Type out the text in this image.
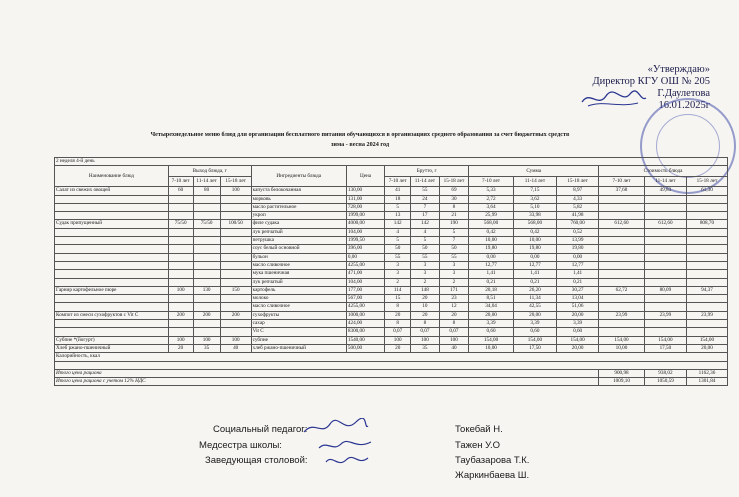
«Утверждаю»
Директор КГУ ОШ № 205
Г.Даулетова
16.01.2025г
Четырехнедельное меню блюд для организации бесплатного питания обучающихся в организациях среднего образования за счет бюджетных средств
зима - весна 2024 год
2 неделя 4-й день														
Наименование блюд	Выход блюда, г			Ингредиенты блюда	Цена	Брутто, г			Сумма			Стоимость блюда		
	7-10 лет	11-14 лет	15-18 лет			7-10 лет	11-14 лет	15-18 лет	7-10 лет	11-14 лет	15-18 лет	7-10 лет	11-14 лет	15-18 лет
Салат из свежих овощей	60	80	100	капуста белокочанная	130,00	41	55	69	5,33	7,15	8,97	37,68	49,83	61,30
				морковь	131,00	18	24	30	2,72	3,62	4,33			
				масло растительное	728,00	5	7	8	3,64	5,10	5,82			
				укроп	1999,00	13	17	21	25,99	33,98	41,98			
Судак припущенный	75/50	75/50	100/50	филе судака	4000,00	142	142	190	568,00	568,00	760,00	612,60	612,60	808,70
				лук репчатый	104,00	4	4	5	0,42	0,42	0,52			
				петрушка	1999,50	5	5	7	10,00	10,00	13,99			
				соус белый основной	396,00	50	50	50	19,80	19,80	19,80			
				бульон	0,00	55	55	55	0,00	0,00	0,00			
				масло сливочное	4255,00	3	3	3	12,77	12,77	12,77			
				мука пшеничная	471,00	3	3	3	1,41	1,41	1,41			
				лук репчатый	104,00	2	2	2	0,21	0,21	0,21			
Гарнир картофельное пюре	100	130	150	картофель	177,00	114	148	171	20,18	26,20	30,27	62,72	80,09	94,37
				молоко	567,00	15	20	23	8,51	11,34	13,04			
				масло сливочное	4255,00	8	10	12	34,04	42,55	51,06			
Компот из смеси сухофруктов с Vit С	200	200	200	сухофрукты	1000,00	20	20	20	20,00	20,00	20,00	23,99	23,99	23,99
				сахар	424,00	8	8	8	3,39	3,39	3,39			
				Vit C	8300,00	0,07	0,07	0,07	0,60	0,60	0,60			
Субпне *(йогурт)	100	100	100	субпне	1540,00	100	100	100	154,00	154,00	154,00	154,00	154,00	154,00
Хлеб ржано-пшеничный	20	35	40	хлеб ржано-пшеничный	500,00	20	35	40	10,00	17,50	20,00	10,00	17,50	20,00
Калорийность, ккал														

Итого цена рациона												900,98	938,02	1162,36
Итого цена рациона с учетом 12% НДС												1009,10	1050,59	1301,84
Социальный педагог:
Медсестра школы:
Заведующая столовой:
Токебай Н.
Тажен У.О
Таубазарова Т.К.
Жаркинбаева Ш.
